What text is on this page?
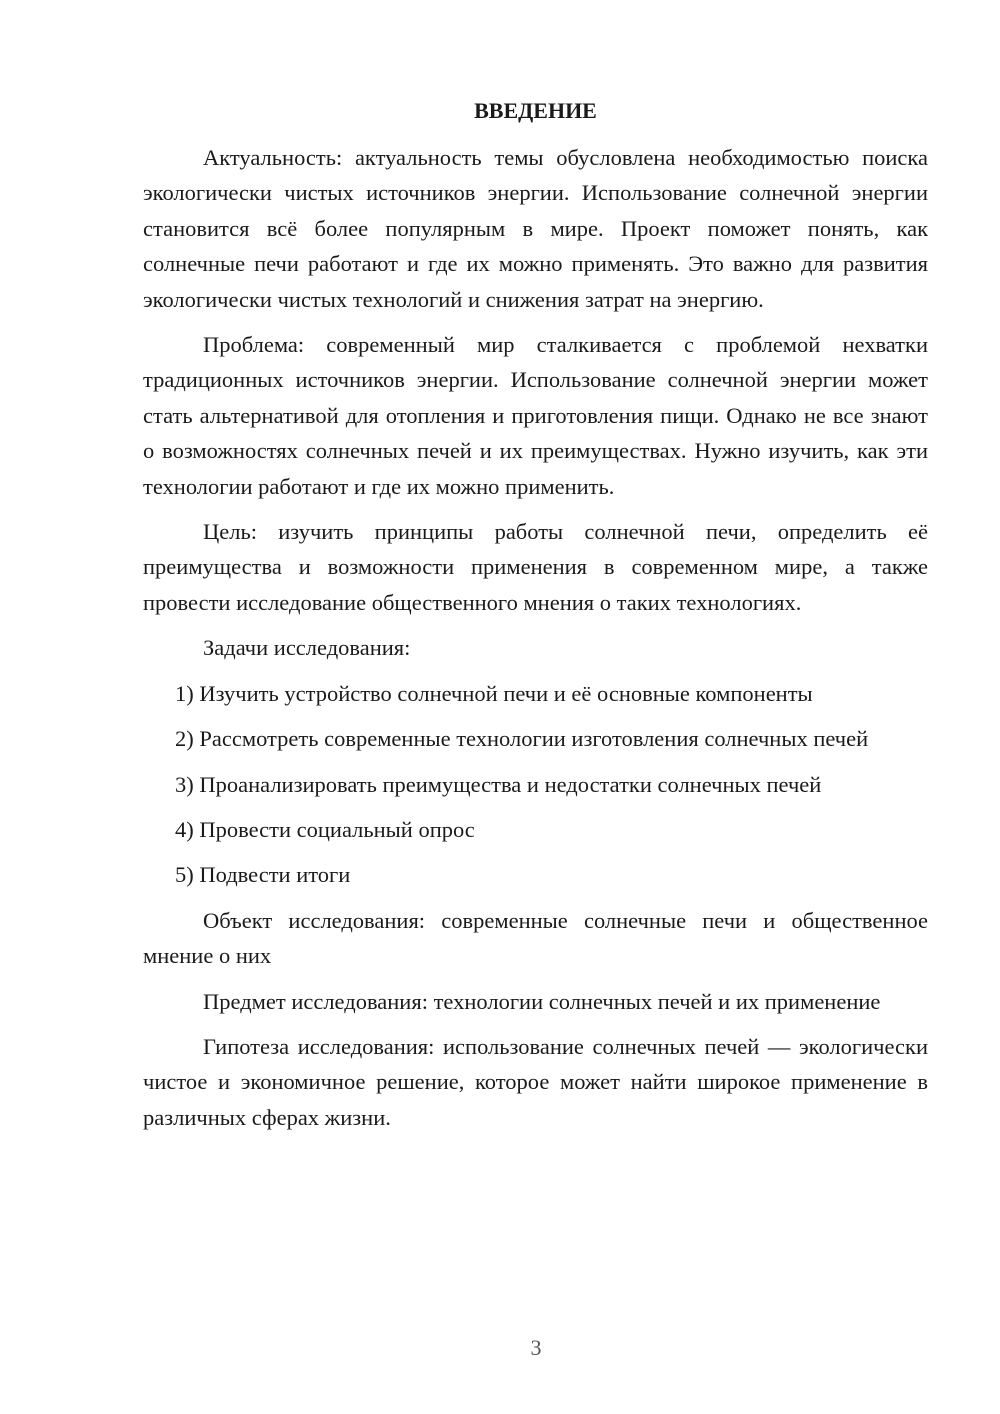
ВВЕДЕНИЕ

Актуальность: актуальность темы обусловлена необходимостью поиска экологически чистых источников энергии. Использование солнечной энергии становится всё более популярным в мире. Проект поможет понять, как солнечные печи работают и где их можно применять. Это важно для развития экологически чистых технологий и снижения затрат на энергию.

Проблема: современный мир сталкивается с проблемой нехватки традиционных источников энергии. Использование солнечной энергии может стать альтернативой для отопления и приготовления пищи. Однако не все знают о возможностях солнечных печей и их преимуществах. Нужно изучить, как эти технологии работают и где их можно применить.

Цель: изучить принципы работы солнечной печи, определить её преимущества и возможности применения в современном мире, а также провести исследование общественного мнения о таких технологиях.

Задачи исследования:

1) Изучить устройство солнечной печи и её основные компоненты

2) Рассмотреть современные технологии изготовления солнечных печей

3) Проанализировать преимущества и недостатки солнечных печей

4) Провести социальный опрос

5) Подвести итоги

Объект исследования: современные солнечные печи и общественное мнение о них

Предмет исследования: технологии солнечных печей и их применение

Гипотеза исследования: использование солнечных печей — экологически чистое и экономичное решение, которое может найти широкое применение в различных сферах жизни.

3
